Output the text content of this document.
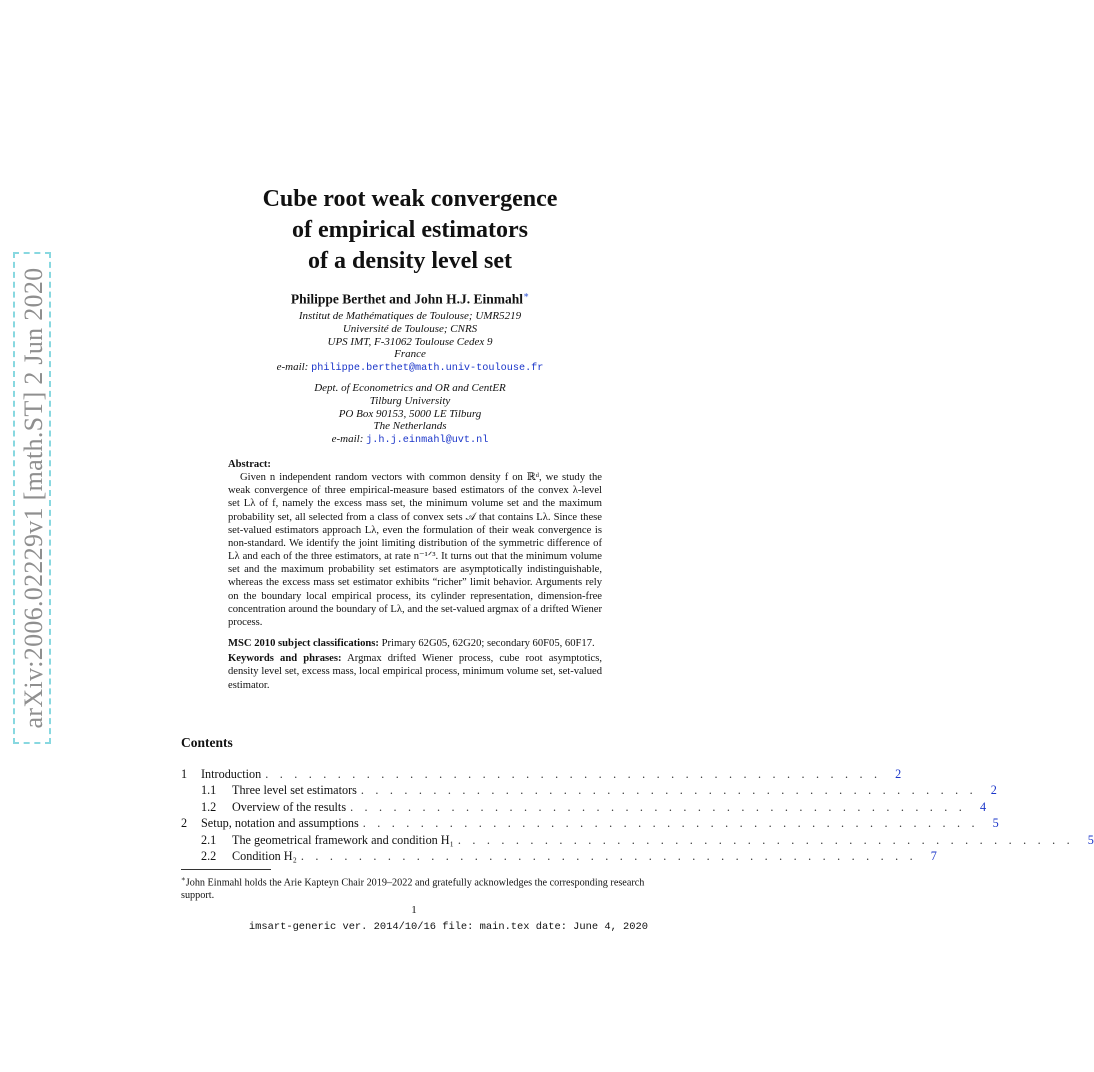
arXiv:2006.02229v1 [math.ST] 2 Jun 2020
Cube root weak convergence
of empirical estimators
of a density level set
Philippe Berthet and John H.J. Einmahl∗
Institut de Mathématiques de Toulouse; UMR5219
Université de Toulouse; CNRS
UPS IMT, F-31062 Toulouse Cedex 9
France
e-mail: philippe.berthet@math.univ-toulouse.fr
Dept. of Econometrics and OR and CentER
Tilburg University
PO Box 90153, 5000 LE Tilburg
The Netherlands
e-mail: j.h.j.einmahl@uvt.nl
Abstract:

Given n independent random vectors with common density f on ℝᵈ, we study the weak convergence of three empirical-measure based estimators of the convex λ-level set Lλ of f, namely the excess mass set, the minimum volume set and the maximum probability set, all selected from a class of convex sets 𝒜 that contains Lλ. Since these set-valued estimators approach Lλ, even the formulation of their weak convergence is non-standard. We identify the joint limiting distribution of the symmetric difference of Lλ and each of the three estimators, at rate n⁻¹ᐟ³. It turns out that the minimum volume set and the maximum probability set estimators are asymptotically indistinguishable, whereas the excess mass set estimator exhibits “richer” limit behavior. Arguments rely on the boundary local empirical process, its cylinder representation, dimension-free concentration around the boundary of Lλ, and the set-valued argmax of a drifted Wiener process.

MSC 2010 subject classifications: Primary 62G05, 62G20; secondary 60F05, 60F17.
Keywords and phrases: Argmax drifted Wiener process, cube root asymptotics, density level set, excess mass, local empirical process, minimum volume set, set-valued estimator.
Contents
1	Introduction . . . . . . . . . . . . . . . . . . . . . . . . . . . . . . . . . . . . . . . . . . .	2
1.1	Three level set estimators . . . . . . . . . . . . . . . . . . . . . . . . . . . . . . . . . . . . . . . . . . .	2
1.2	Overview of the results . . . . . . . . . . . . . . . . . . . . . . . . . . . . . . . . . . . . . . . . . . .	4
2	Setup, notation and assumptions . . . . . . . . . . . . . . . . . . . . . . . . . . . . . . . . . . . . . . . . . . .	5
2.1	The geometrical framework and condition H₁ . . . . . . . . . . . . . . . . . . . . . . . . . . . . . . . . . . . . . . . . . . .	5
2.2	Condition H₂ . . . . . . . . . . . . . . . . . . . . . . . . . . . . . . . . . . . . . . . . . . .	7
∗John Einmahl holds the Arie Kapteyn Chair 2019–2022 and gratefully acknowledges the corresponding research support.
1
imsart-generic ver. 2014/10/16 file: main.tex date: June 4, 2020
